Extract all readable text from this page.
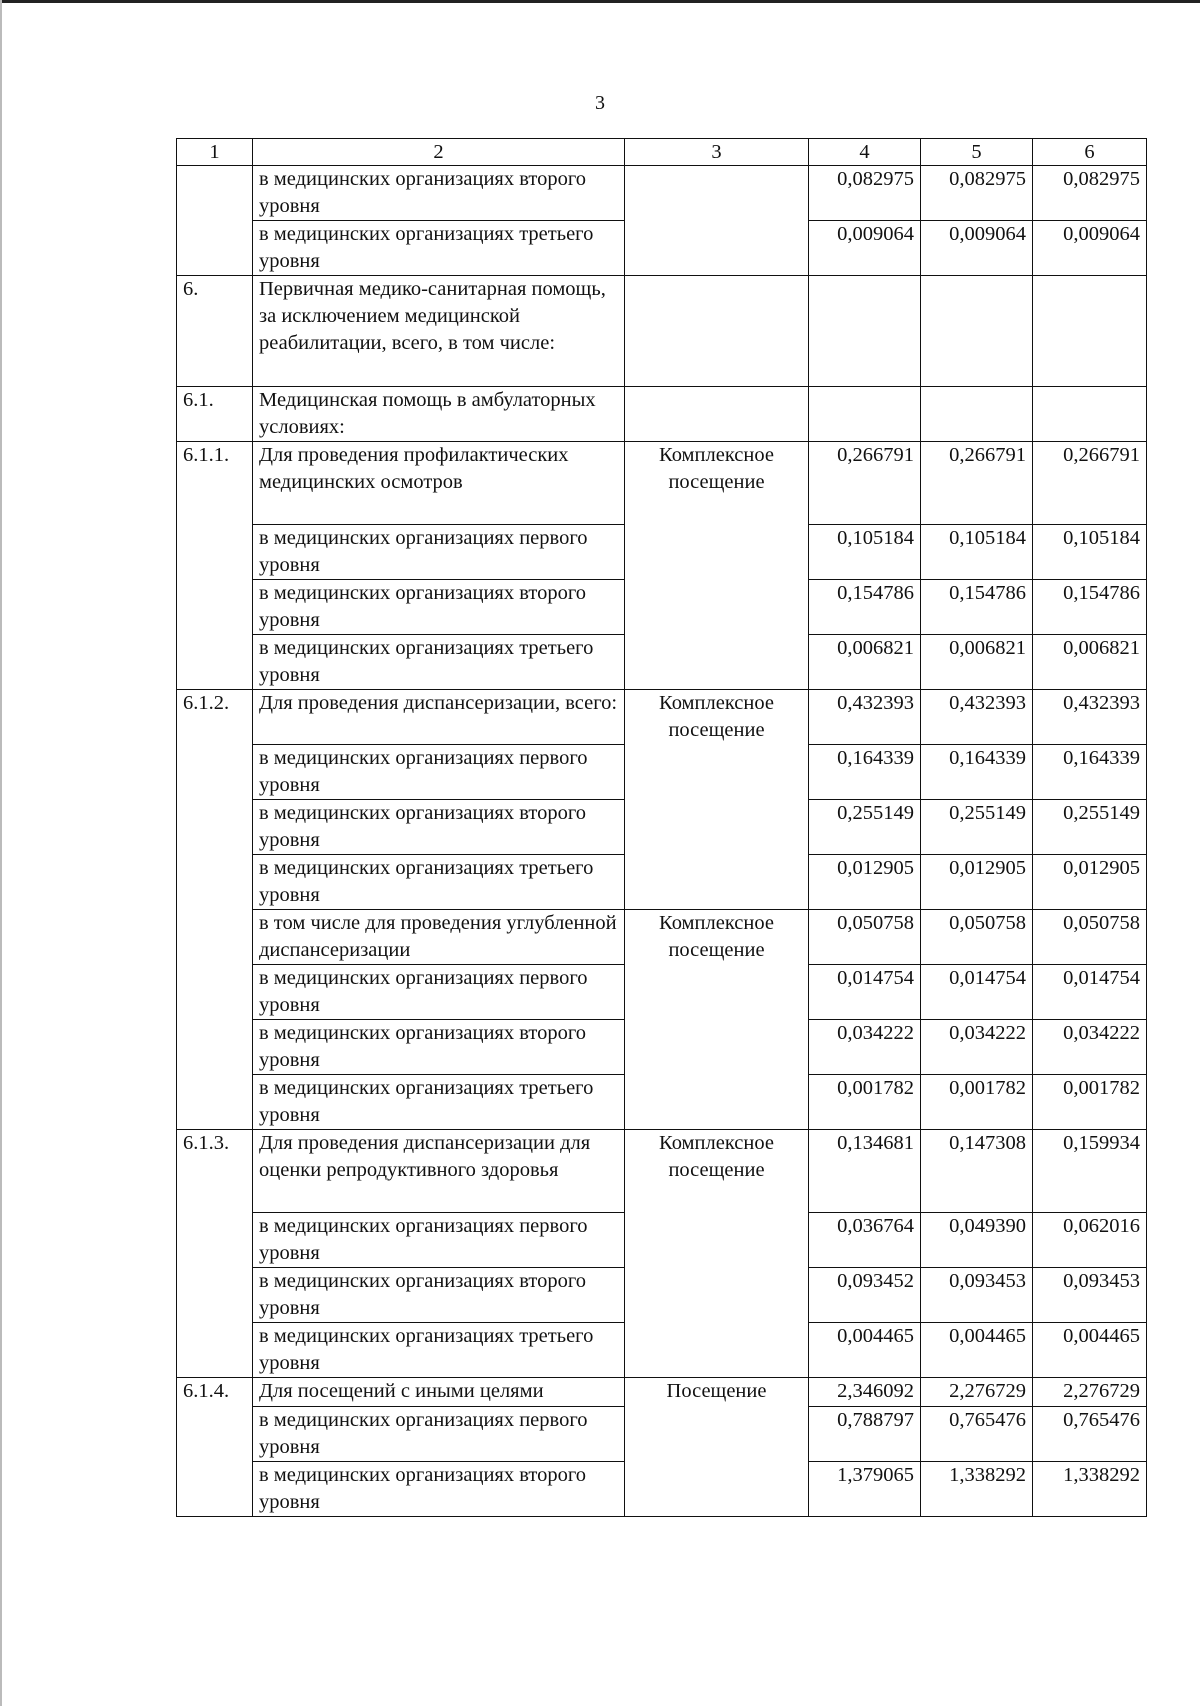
3
1	2	3	4	5	6
	в медицинских организациях второго уровня		0,082975	0,082975	0,082975
	в медицинских организациях третьего уровня		0,009064	0,009064	0,009064
6.	Первичная медико-санитарная помощь, за исключением медицинской реабилитации, всего, в том числе:				
6.1.	Медицинская помощь в амбулаторных условиях:				
6.1.1.	Для проведения профилактических медицинских осмотров	Комплексное посещение	0,266791	0,266791	0,266791
	в медицинских организациях первого уровня		0,105184	0,105184	0,105184
	в медицинских организациях второго уровня		0,154786	0,154786	0,154786
	в медицинских организациях третьего уровня		0,006821	0,006821	0,006821
6.1.2.	Для проведения диспансеризации, всего:	Комплексное посещение	0,432393	0,432393	0,432393
	в медицинских организациях первого уровня		0,164339	0,164339	0,164339
	в медицинских организациях второго уровня		0,255149	0,255149	0,255149
	в медицинских организациях третьего уровня		0,012905	0,012905	0,012905
	в том числе для проведения углубленной диспансеризации	Комплексное посещение	0,050758	0,050758	0,050758
	в медицинских организациях первого уровня		0,014754	0,014754	0,014754
	в медицинских организациях второго уровня		0,034222	0,034222	0,034222
	в медицинских организациях третьего уровня		0,001782	0,001782	0,001782
6.1.3.	Для проведения диспансеризации для оценки репродуктивного здоровья	Комплексное посещение	0,134681	0,147308	0,159934
	в медицинских организациях первого уровня		0,036764	0,049390	0,062016
	в медицинских организациях второго уровня		0,093452	0,093453	0,093453
	в медицинских организациях третьего уровня		0,004465	0,004465	0,004465
6.1.4.	Для посещений с иными целями	Посещение	2,346092	2,276729	2,276729
	в медицинских организациях первого уровня		0,788797	0,765476	0,765476
	в медицинских организациях второго уровня		1,379065	1,338292	1,338292
